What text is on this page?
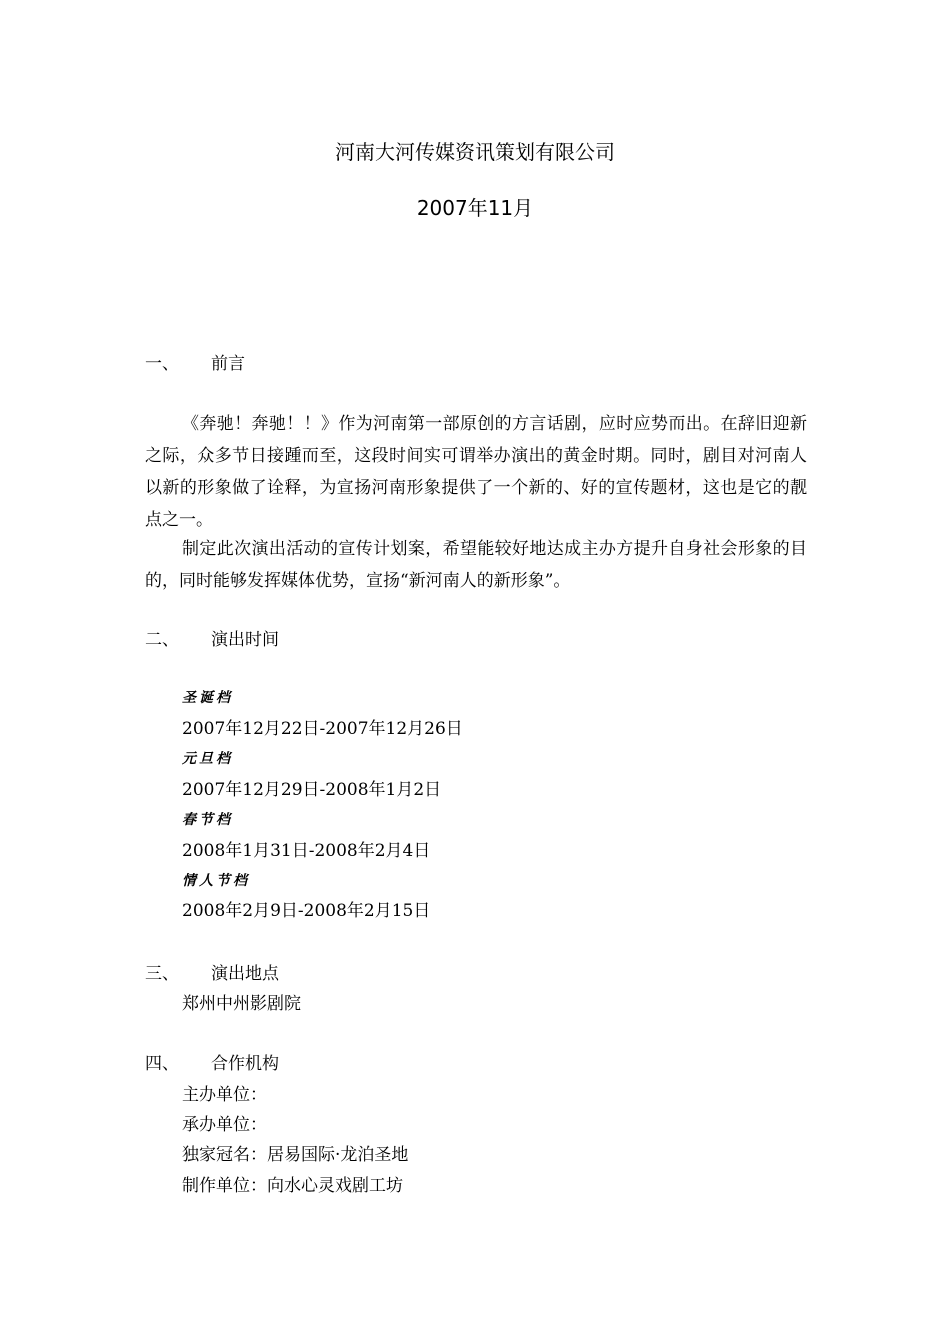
河南大河传媒资讯策划有限公司
2007年11月
一、 前言
《奔驰！奔驰！！》作为河南第一部原创的方言话剧，应时应势而出。在辞旧迎新之际，众多节日接踵而至，这段时间实可谓举办演出的黄金时期。同时，剧目对河南人以新的形象做了诠释，为宣扬河南形象提供了一个新的、好的宣传题材，这也是它的靓点之一。
制定此次演出活动的宣传计划案，希望能较好地达成主办方提升自身社会形象的目的，同时能够发挥媒体优势，宣扬“新河南人的新形象”。
二、 演出时间
圣诞档
2007年12月22日-2007年12月26日
元旦档
2007年12月29日-2008年1月2日
春节档
2008年1月31日-2008年2月4日
情人节档
2008年2月9日-2008年2月15日
三、 演出地点
郑州中州影剧院
四、 合作机构
主办单位：
承办单位：
独家冠名：居易国际·龙泊圣地
制作单位：向水心灵戏剧工坊
